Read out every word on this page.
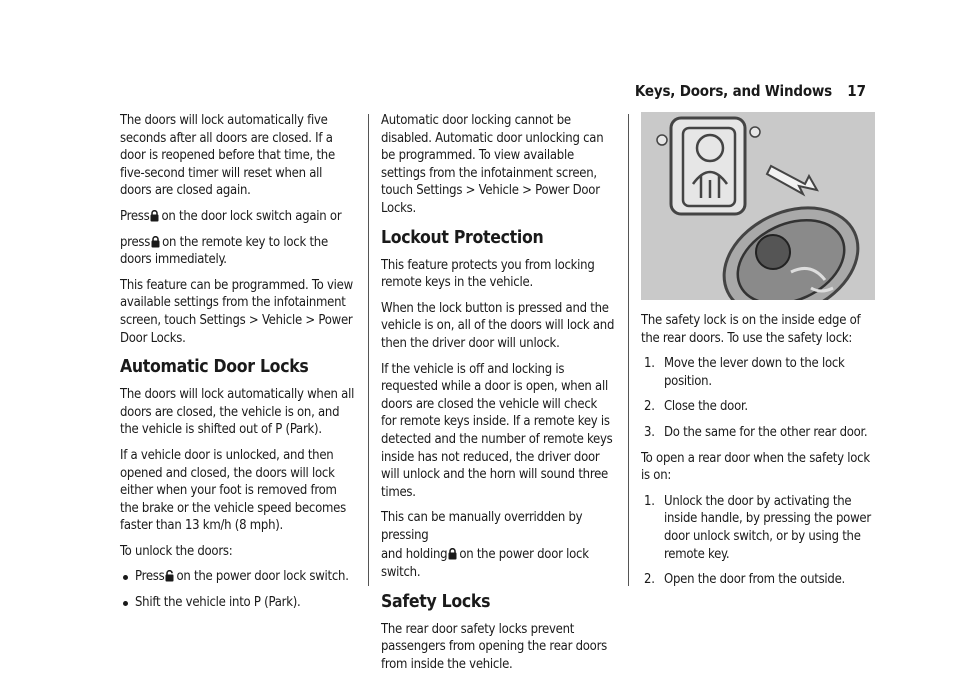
Keys, Doors, and Windows 17

The doors will lock automatically five seconds after all doors are closed. If a door is reopened before that time, the five-second timer will reset when all doors are closed again.

Press on the door lock switch again or

press on the remote key to lock the doors immediately.

This feature can be programmed. To view available settings from the infotainment screen, touch Settings > Vehicle > Power Door Locks.

Automatic Door Locks

The doors will lock automatically when all doors are closed, the vehicle is on, and the vehicle is shifted out of P (Park).

If a vehicle door is unlocked, and then opened and closed, the doors will lock either when your foot is removed from the brake or the vehicle speed becomes faster than 13 km/h (8 mph).

To unlock the doors:

Press on the power door lock switch.
Shift the vehicle into P (Park).

Automatic door locking cannot be disabled. Automatic door unlocking can be programmed. To view available settings from the infotainment screen, touch Settings > Vehicle > Power Door Locks.

Lockout Protection

This feature protects you from locking remote keys in the vehicle.

When the lock button is pressed and the vehicle is on, all of the doors will lock and then the driver door will unlock.

If the vehicle is off and locking is requested while a door is open, when all doors are closed the vehicle will check for remote keys inside. If a remote key is detected and the number of remote keys inside has not reduced, the driver door will unlock and the horn will sound three times.

This can be manually overridden by pressing

and holding on the power door lock switch.

Safety Locks

The rear door safety locks prevent passengers from opening the rear doors from inside the vehicle.

The safety lock is on the inside edge of the rear doors. To use the safety lock:

1. Move the lever down to the lock position.
2. Close the door.
3. Do the same for the other rear door.

To open a rear door when the safety lock is on:

1. Unlock the door by activating the inside handle, by pressing the power door unlock switch, or by using the remote key.
2. Open the door from the outside.
